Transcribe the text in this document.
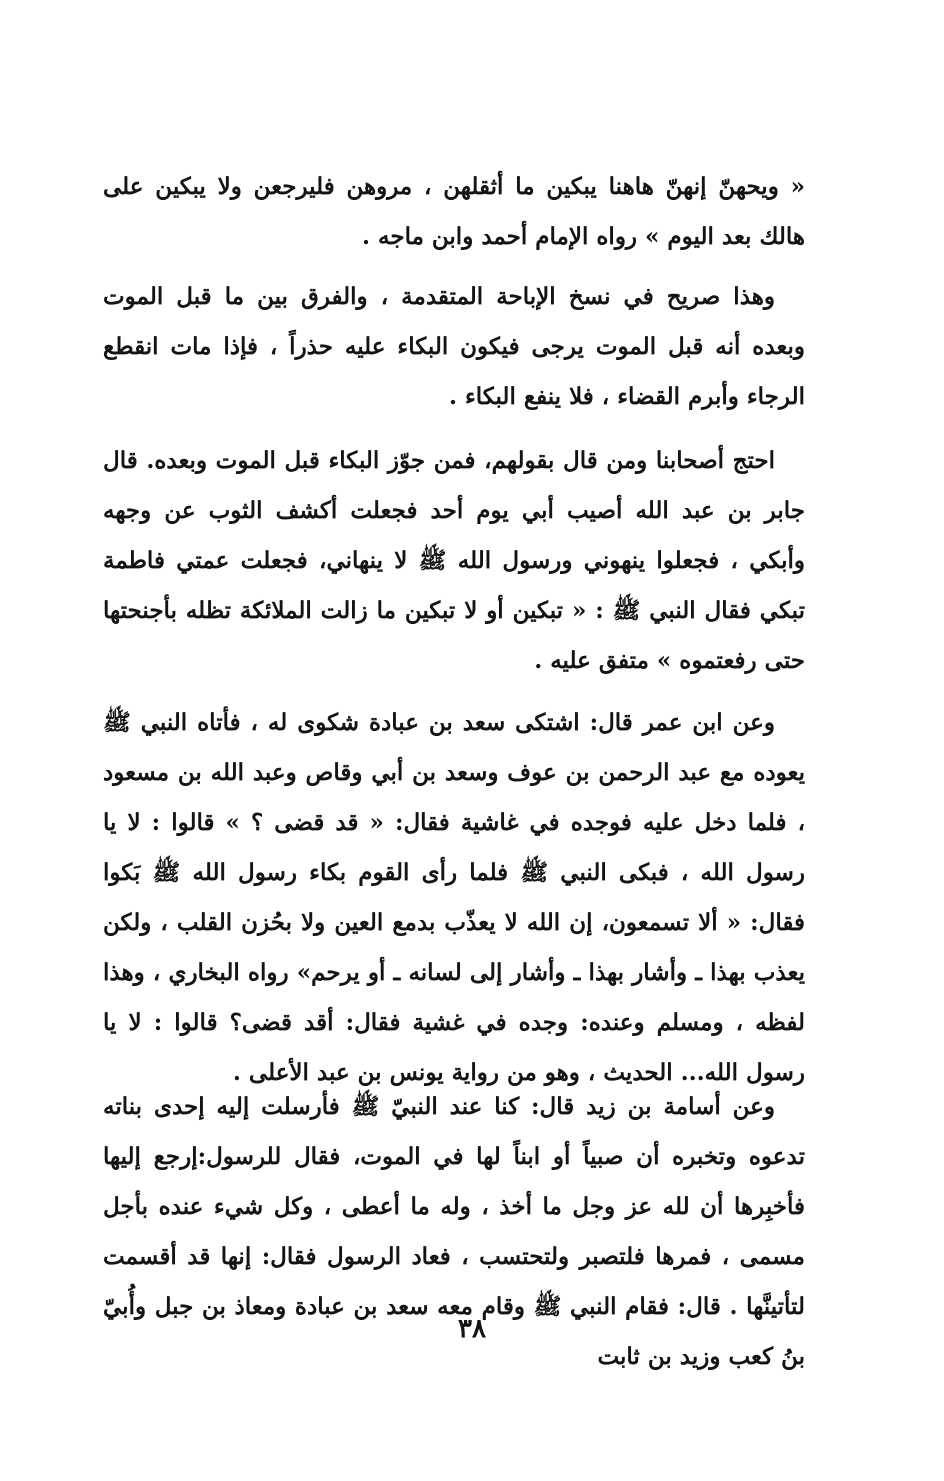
« ويحهنّ إنهنّ هاهنا يبكين ما أثقلهن ، مروهن فليرجعن ولا يبكين على هالك بعد اليوم » رواه الإمام أحمد وابن ماجه .

وهذا صريح في نسخ الإباحة المتقدمة ، والفرق بين ما قبل الموت وبعده أنه قبل الموت يرجى فيكون البكاء عليه حذراً ، فإذا مات انقطع الرجاء وأبرم القضاء ، فلا ينفع البكاء .

احتج أصحابنا ومن قال بقولهم، فمن جوّز البكاء قبل الموت وبعده. قال جابر بن عبد الله أصيب أبي يوم أحد فجعلت أكشف الثوب عن وجهه وأبكي ، فجعلوا ينهوني ورسول الله ﷺ لا ينهاني، فجعلت عمتي فاطمة تبكي فقال النبي ﷺ : « تبكين أو لا تبكين ما زالت الملائكة تظله بأجنحتها حتى رفعتموه » متفق عليه .

وعن ابن عمر قال: اشتكى سعد بن عبادة شكوى له ، فأتاه النبي ﷺ يعوده مع عبد الرحمن بن عوف وسعد بن أبي وقاص وعبد الله بن مسعود ، فلما دخل عليه فوجده في غاشية فقال: « قد قضى ؟ » قالوا : لا يا رسول الله ، فبكى النبي ﷺ فلما رأى القوم بكاء رسول الله ﷺ بَكوا فقال: « ألا تسمعون، إن الله لا يعذّب بدمع العين ولا بحُزن القلب ، ولكن يعذب بهذا ـ وأشار بهذا ـ وأشار إلى لسانه ـ أو يرحم» رواه البخاري ، وهذا لفظه ، ومسلم وعنده: وجده في غشية فقال: أقد قضى؟ قالوا : لا يا رسول الله... الحديث ، وهو من رواية يونس بن عبد الأعلى .

وعن أسامة بن زيد قال: كنا عند النبيّ ﷺ فأرسلت إليه إحدى بناته تدعوه وتخبره أن صبياً أو ابناً لها في الموت، فقال للرسول:إرجع إليها فأخبِرها أن لله عز وجل ما أخذ ، وله ما أعطى ، وكل شيء عنده بأجل مسمى ، فمرها فلتصبر ولتحتسب ، فعاد الرسول فقال: إنها قد أقسمت لتأتينَّها . قال: فقام النبي ﷺ وقام معه سعد بن عبادة ومعاذ بن جبل وأُبيّ بنُ كعب وزيد بن ثابت

٣٨
